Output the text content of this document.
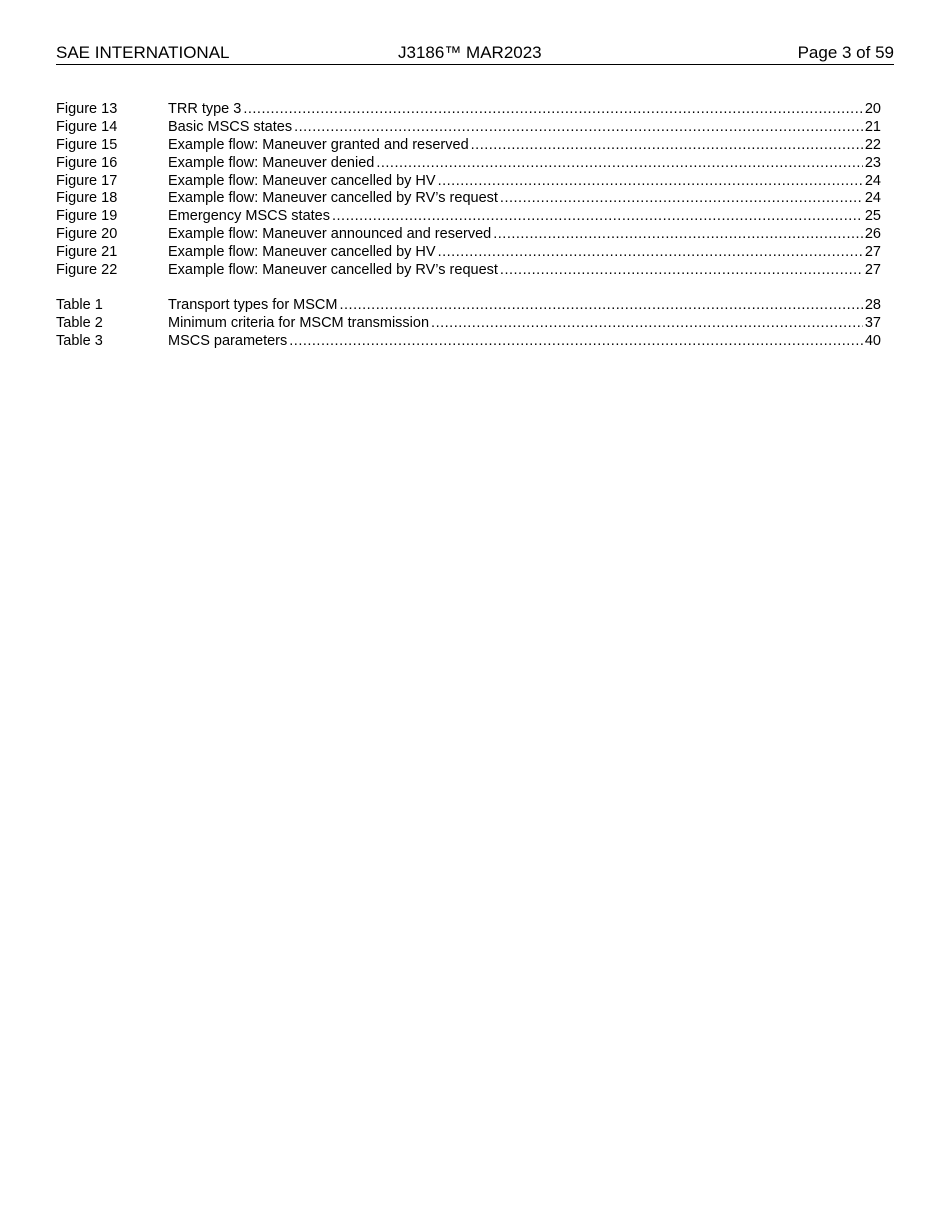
SAE INTERNATIONAL	J3186™ MAR2023	Page 3 of 59
Figure 13	TRR type 3 .....	20
Figure 14	Basic MSCS states .....	21
Figure 15	Example flow: Maneuver granted and reserved .....	22
Figure 16	Example flow: Maneuver denied .....	23
Figure 17	Example flow: Maneuver cancelled by HV .....	24
Figure 18	Example flow: Maneuver cancelled by RV’s request .....	24
Figure 19	Emergency MSCS states .....	25
Figure 20	Example flow: Maneuver announced and reserved .....	26
Figure 21	Example flow: Maneuver cancelled by HV .....	27
Figure 22	Example flow: Maneuver cancelled by RV’s request .....	27
Table 1	Transport types for MSCM .....	28
Table 2	Minimum criteria for MSCM transmission .....	37
Table 3	MSCS parameters .....	40
